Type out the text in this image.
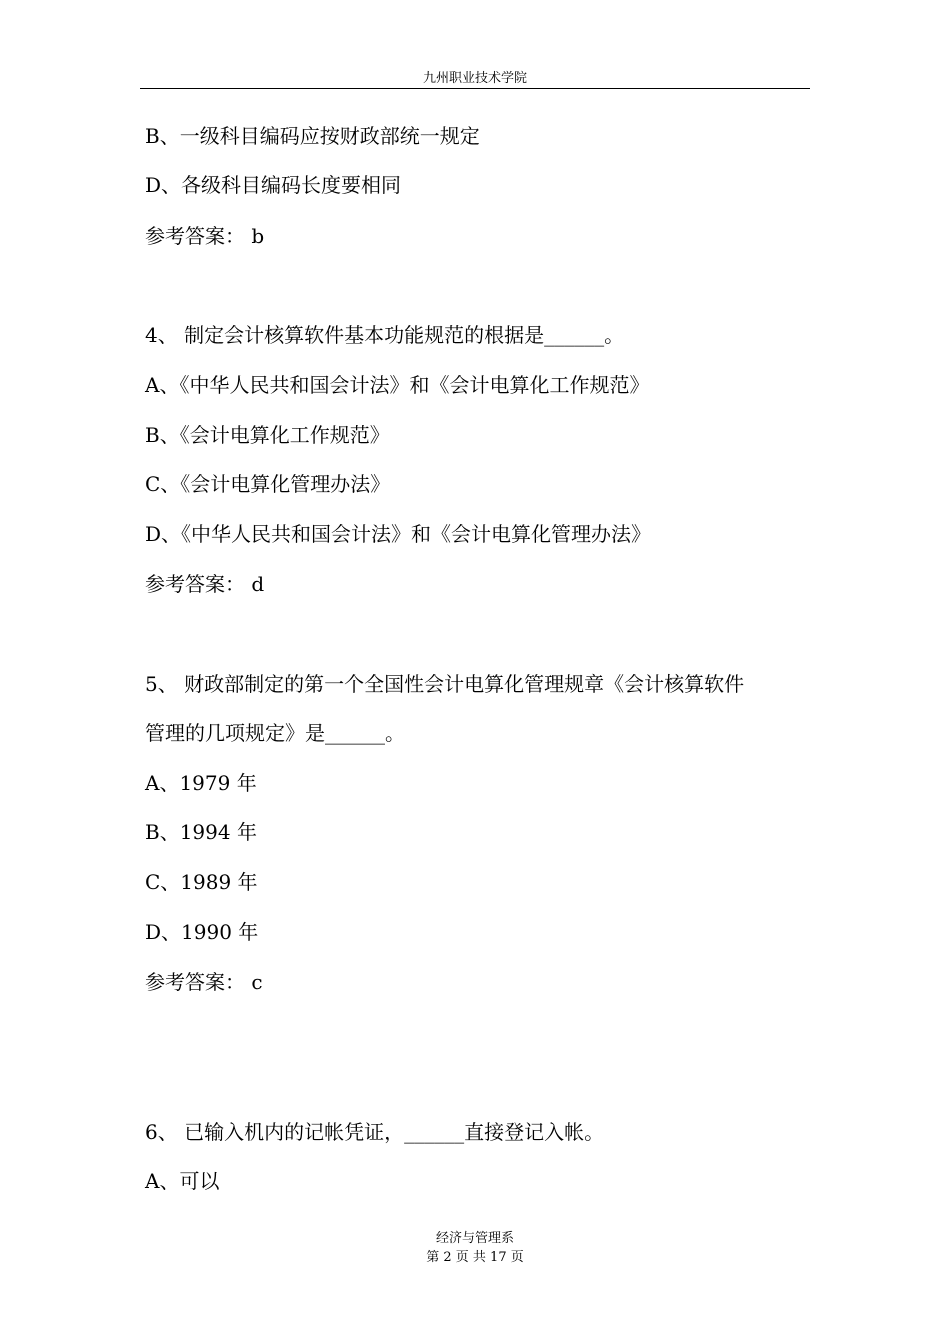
九州职业技术学院
B、一级科目编码应按财政部统一规定
D、各级科目编码长度要相同
参考答案： b
4、 制定会计核算软件基本功能规范的根据是______。
A、《中华人民共和国会计法》和《会计电算化工作规范》
B、《会计电算化工作规范》
C、《会计电算化管理办法》
D、《中华人民共和国会计法》和《会计电算化管理办法》
参考答案： d
5、 财政部制定的第一个全国性会计电算化管理规章《会计核算软件
管理的几项规定》是______。
A、1979 年
B、1994 年
C、1989 年
D、1990 年
参考答案： c
6、 已输入机内的记帐凭证，______直接登记入帐。
A、可以
经济与管理系
第 2 页 共 17 页
